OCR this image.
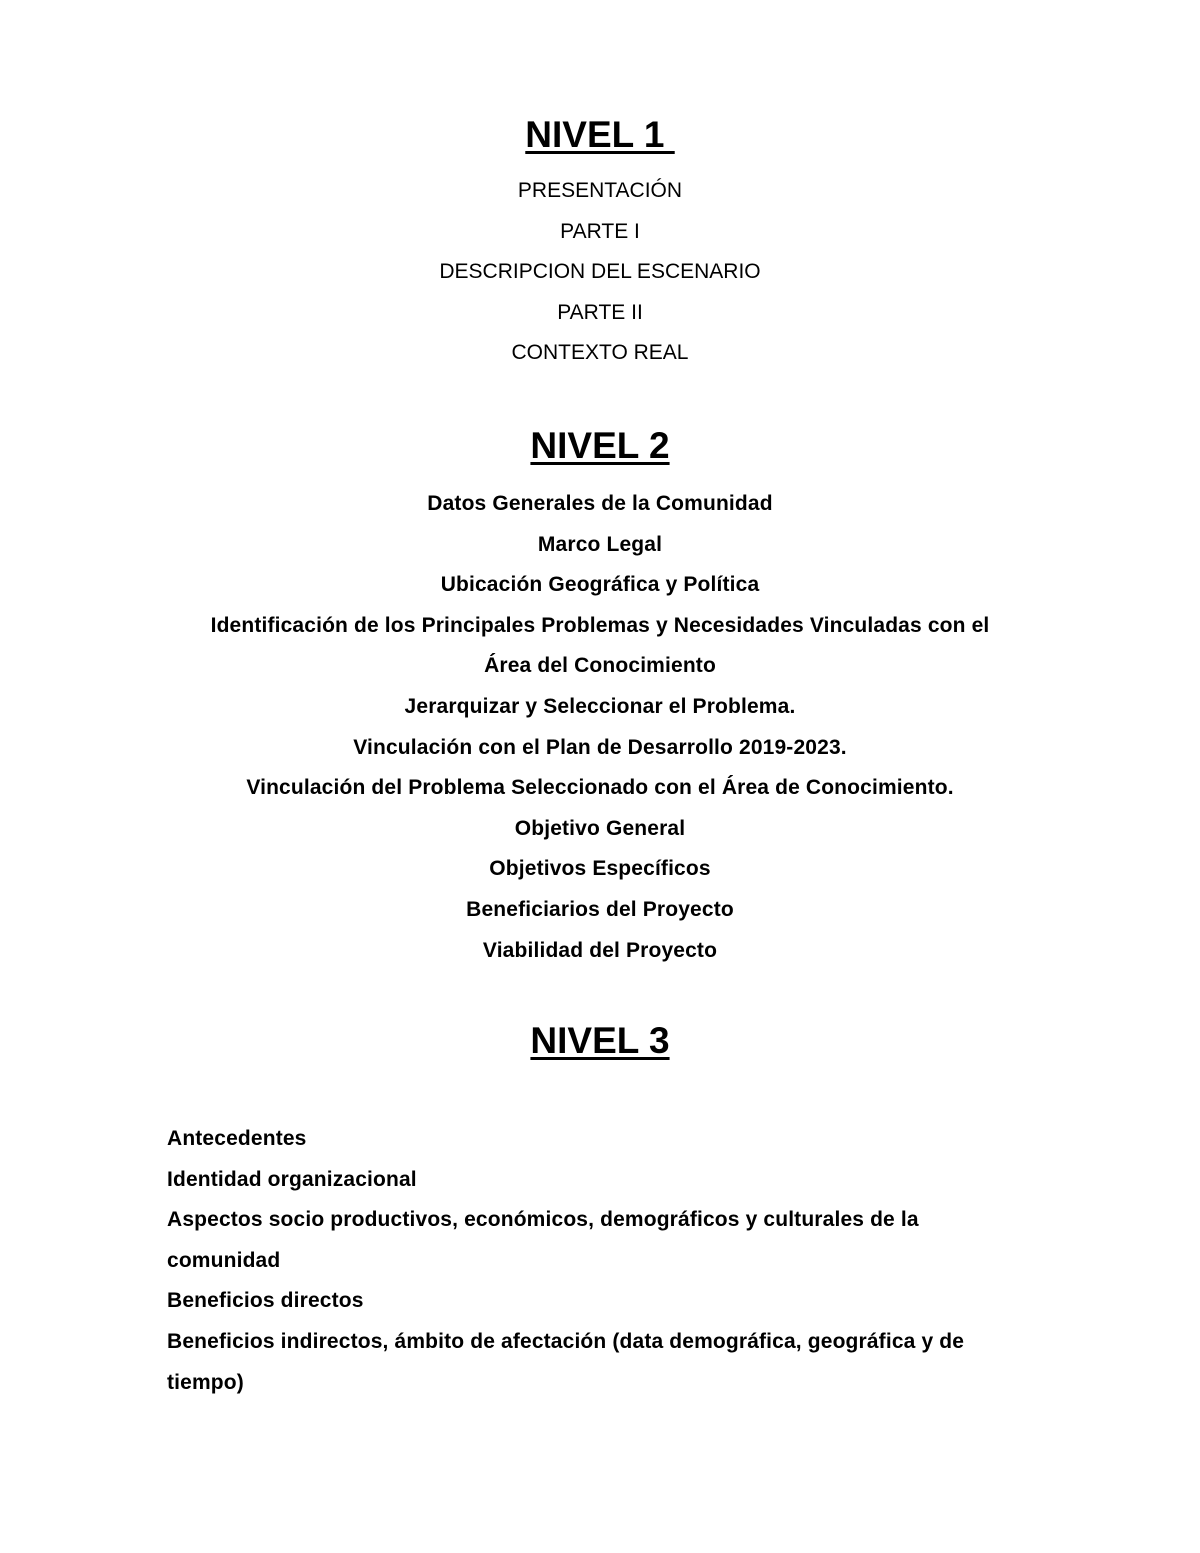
NIVEL 1
PRESENTACIÓN
PARTE I
DESCRIPCION DEL ESCENARIO
PARTE II
CONTEXTO REAL
NIVEL 2
Datos Generales de la Comunidad
Marco Legal
Ubicación Geográfica y Política
Identificación de los Principales Problemas y Necesidades Vinculadas con el
Área del Conocimiento
Jerarquizar y Seleccionar el Problema.
Vinculación con el Plan de Desarrollo 2019-2023.
Vinculación del Problema Seleccionado con el Área de Conocimiento.
Objetivo General
Objetivos Específicos
Beneficiarios del Proyecto
Viabilidad del Proyecto
NIVEL 3
Antecedentes
Identidad organizacional
Aspectos socio productivos, económicos, demográficos y culturales de la comunidad
Beneficios directos
Beneficios indirectos, ámbito de afectación (data demográfica, geográfica y de tiempo)
